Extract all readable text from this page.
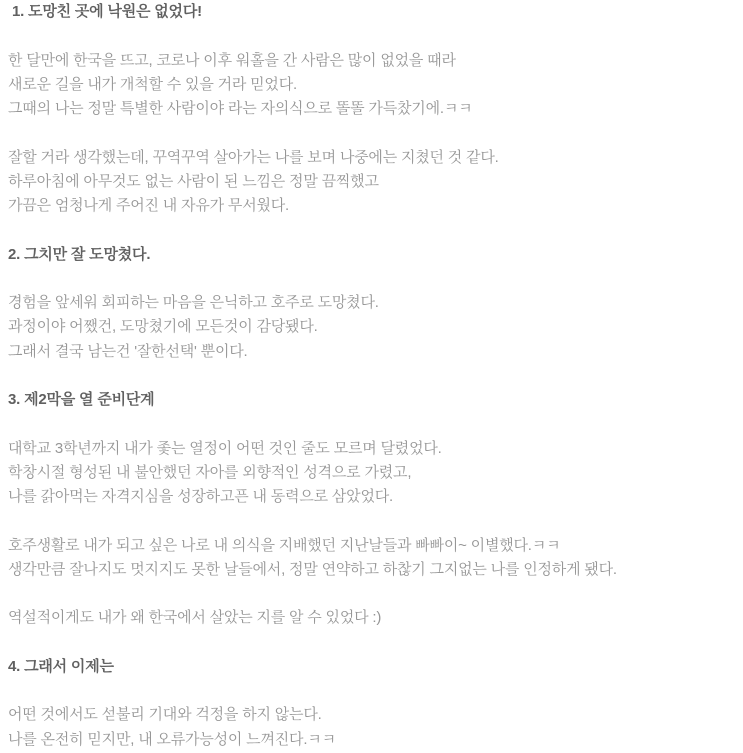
1. 도망친 곳에 낙원은 없었다!

한 달만에 한국을 뜨고, 코로나 이후 워홀을 간 사람은 많이 없었을 때라

새로운 길을 내가 개척할 수 있을 거라 믿었다.

그때의 나는 정말 특별한 사람이야 라는 자의식으로 똘똘 가득찼기에.ㅋㅋ

잘할 거라 생각했는데, 꾸역꾸역 살아가는 나를 보며 나중에는 지쳤던 것 같다.

하루아침에 아무것도 없는 사람이 된 느낌은 정말 끔찍했고

가끔은 엄청나게 주어진 내 자유가 무서웠다.

2. 그치만 잘 도망쳤다.

경험을 앞세워 회피하는 마음을 은닉하고 호주로 도망쳤다.

과정이야 어쨌건, 도망쳤기에 모든것이 감당됐다.

그래서 결국 남는건 '잘한선택' 뿐이다.

3. 제2막을 열 준비단계

대학교 3학년까지 내가 좇는 열정이 어떤 것인 줄도 모르며 달렸었다.

학창시절 형성된 내 불안했던 자아를 외향적인 성격으로 가렸고,

나를 갉아먹는 자격지심을 성장하고픈 내 동력으로 삼았었다.

호주생활로 내가 되고 싶은 나로 내 의식을 지배했던 지난날들과 빠빠이~ 이별했다.ㅋㅋ

생각만큼 잘나지도 멋지지도 못한 날들에서, 정말 연약하고 하찮기 그지없는 나를 인정하게 됐다.

역설적이게도 내가 왜 한국에서 살았는 지를 알 수 있었다 :)

4. 그래서 이제는

어떤 것에서도 섣불리 기대와 걱정을 하지 않는다.

나를 온전히 믿지만, 내 오류가능성이 느껴진다.ㅋㅋ
